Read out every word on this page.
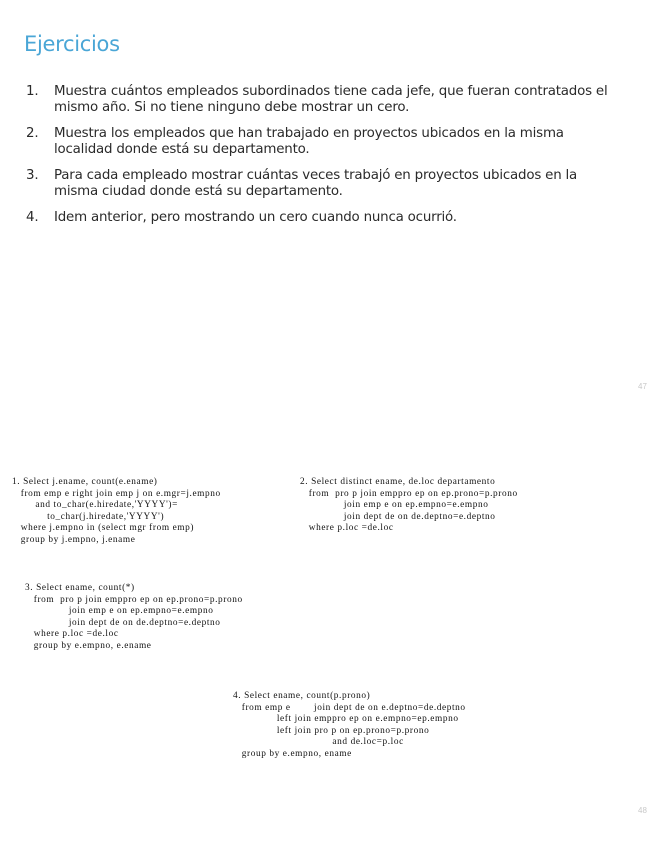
Ejercicios
1.	Muestra cuántos empleados subordinados tiene cada jefe, que fueran contratados el mismo año. Si no tiene ninguno debe mostrar un cero.
2.	Muestra los empleados que han trabajado en proyectos ubicados en la misma localidad donde está su departamento.
3.	Para cada empleado mostrar cuántas veces trabajó en proyectos ubicados en la misma ciudad donde está su departamento.
4.	Idem anterior, pero mostrando un cero cuando nunca ocurrió.
47
1. Select j.ename, count(e.ename)
from emp e right join emp j on e.mgr=j.empno
and to_char(e.hiredate,'YYYY')=
to_char(j.hiredate,'YYYY')
where j.empno in (select mgr from emp)
group by j.empno, j.ename
2. Select distinct ename, de.loc departamento
from  pro p join emppro ep on ep.prono=p.prono
join emp e on ep.empno=e.empno
join dept de on de.deptno=e.deptno
where p.loc =de.loc
3. Select ename, count(*)
from  pro p join emppro ep on ep.prono=p.prono
join emp e on ep.empno=e.empno
join dept de on de.deptno=e.deptno
where p.loc =de.loc
group by e.empno, e.ename
4. Select ename, count(p.prono)
from emp e        join dept de on e.deptno=de.deptno
left join emppro ep on e.empno=ep.empno
left join pro p on ep.prono=p.prono
and de.loc=p.loc
group by e.empno, ename
48
